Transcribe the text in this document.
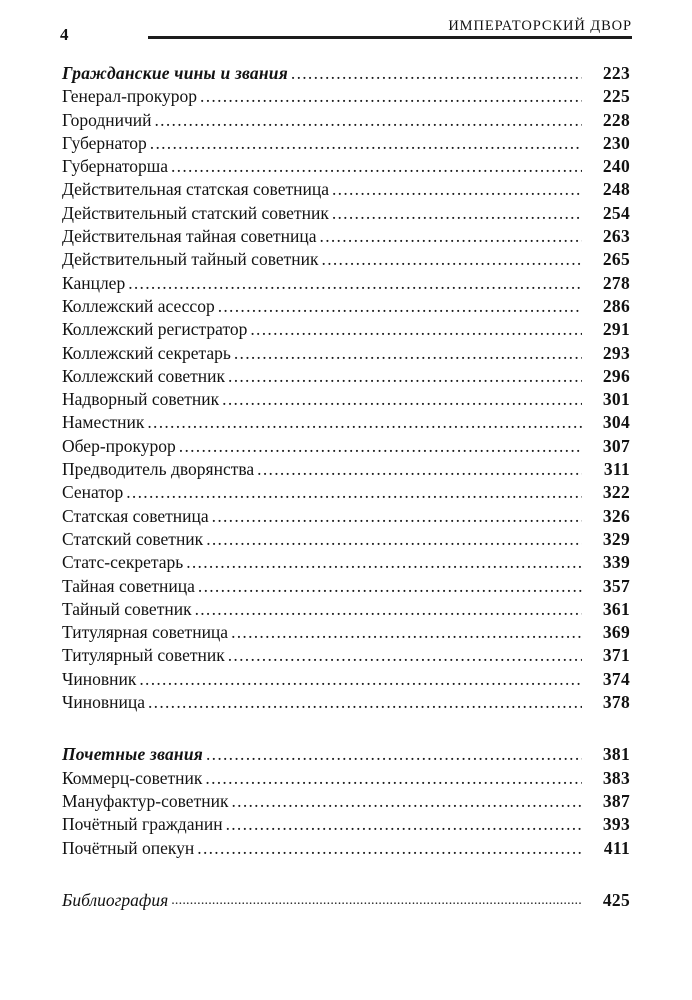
4	ИМПЕРАТОРСКИЙ ДВОР
Гражданские чины и звания .....	223
Генерал-прокурор .....	225
Городничий .....	228
Губернатор .....	230
Губернаторша .....	240
Действительная статская советница .....	248
Действительный статский советник .....	254
Действительная тайная советница .....	263
Действительный тайный советник .....	265
Канцлер .....	278
Коллежский асессор .....	286
Коллежский регистратор .....	291
Коллежский секретарь .....	293
Коллежский советник .....	296
Надворный советник .....	301
Наместник .....	304
Обер-прокурор .....	307
Предводитель дворянства .....	311
Сенатор .....	322
Статская советница .....	326
Статский советник .....	329
Статс-секретарь .....	339
Тайная советница .....	357
Тайный советник .....	361
Титулярная советница .....	369
Титулярный советник .....	371
Чиновник .....	374
Чиновница .....	378
Почетные звания .....	381
Коммерц-советник .....	383
Мануфактур-советник .....	387
Почётный гражданин .....	393
Почётный опекун .....	411
Библиография .....	425
